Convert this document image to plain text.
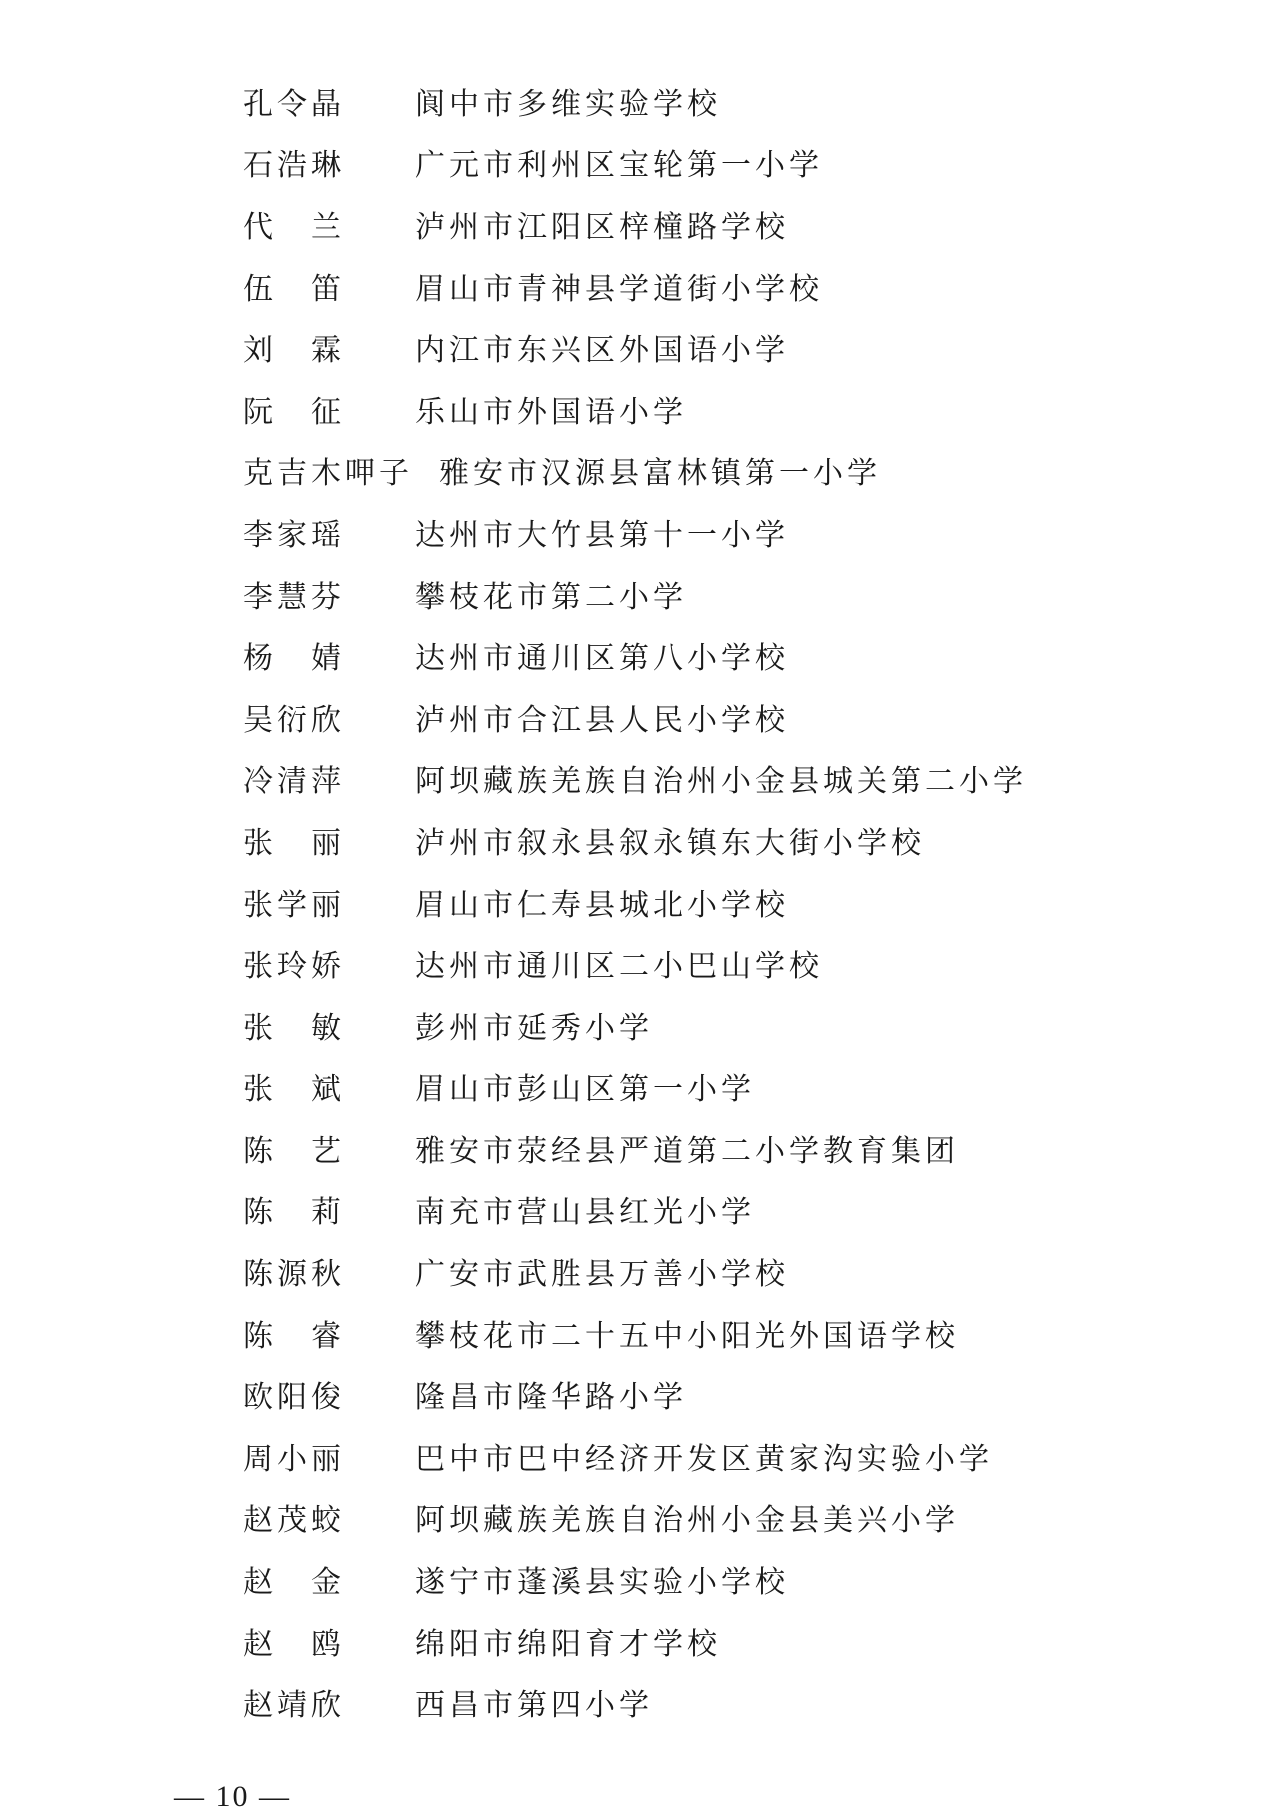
孔令晶	阆中市多维实验学校
石浩琳	广元市利州区宝轮第一小学
代　兰	泸州市江阳区梓橦路学校
伍　笛	眉山市青神县学道街小学校
刘　霖	内江市东兴区外国语小学
阮　征	乐山市外国语小学
克吉木呷子 雅安市汉源县富林镇第一小学
李家瑶	达州市大竹县第十一小学
李慧芬	攀枝花市第二小学
杨　婧	达州市通川区第八小学校
吴衍欣	泸州市合江县人民小学校
冷清萍	阿坝藏族羌族自治州小金县城关第二小学
张　丽	泸州市叙永县叙永镇东大街小学校
张学丽	眉山市仁寿县城北小学校
张玲娇	达州市通川区二小巴山学校
张　敏	彭州市延秀小学
张　斌	眉山市彭山区第一小学
陈　艺	雅安市荥经县严道第二小学教育集团
陈　莉	南充市营山县红光小学
陈源秋	广安市武胜县万善小学校
陈　睿	攀枝花市二十五中小阳光外国语学校
欧阳俊	隆昌市隆华路小学
周小丽	巴中市巴中经济开发区黄家沟实验小学
赵茂蛟	阿坝藏族羌族自治州小金县美兴小学
赵　金	遂宁市蓬溪县实验小学校
赵　鸥	绵阳市绵阳育才学校
赵靖欣	西昌市第四小学
— 10 —
